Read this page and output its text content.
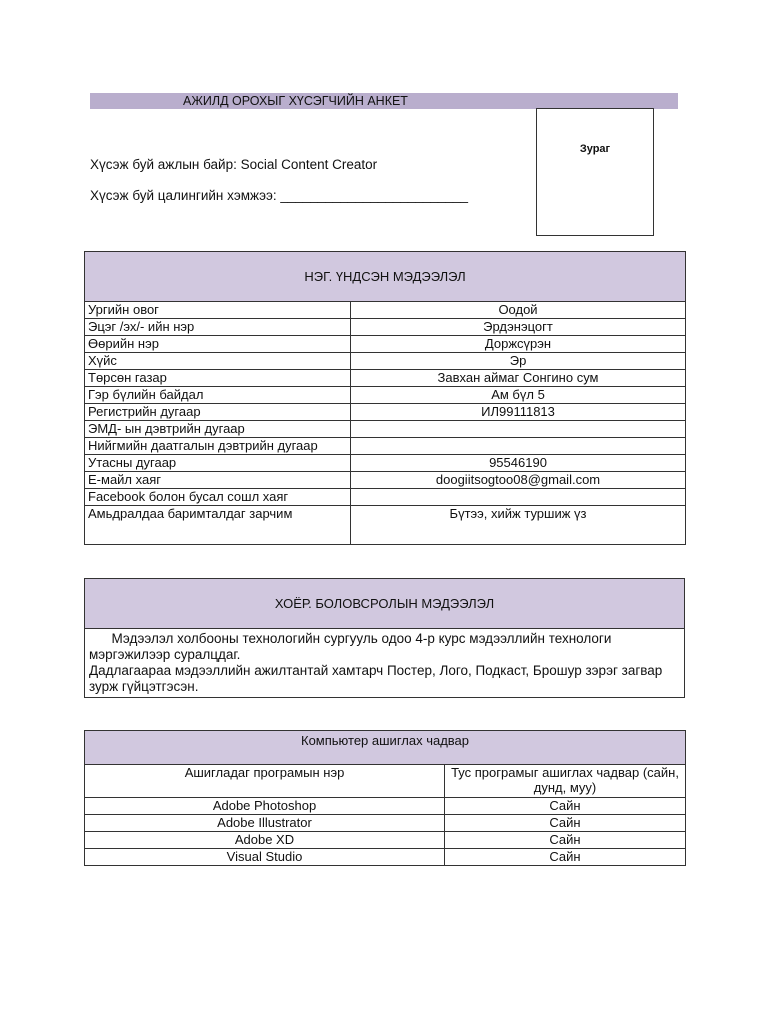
АЖИЛД ОРОХЫГ ХҮСЭГЧИЙН АНКЕТ
Зураг
Хүсэж буй ажлын байр: Social Content Creator
Хүсэж буй цалингийн хэмжээ: _________________________
НЭГ. ҮНДСЭН МЭДЭЭЛЭЛ	
Ургийн овог	Оодой
Эцэг /эх/- ийн нэр	Эрдэнэцогт
Өөрийн нэр	Доржсүрэн
Хүйс	Эр
Төрсөн газар	Завхан аймаг Сонгино сум
Гэр бүлийн байдал	Ам бүл 5
Регистрийн дугаар	ИЛ99111813
ЭМД- ын дэвтрийн дугаар	
Нийгмийн даатгалын дэвтрийн дугаар	
Утасны дугаар	95546190
Е-майл хаяг	doogiitsogtoo08@gmail.com
Facebook болон бусал сошл хаяг	
Амьдралдаа баримталдаг зарчим	Бүтээ, хийж туршиж үз
ХОЁР. БОЛОВСРОЛЫН МЭДЭЭЛЭЛ

Мэдээлэл холбооны технологийн сургууль одоо 4-р курс мэдээллийн технологи мэргэжилээр суралцдаг.
Дадлагаараа мэдээллийн ажилтантай хамтарч Постер, Лого, Подкаст, Брошур зэрэг загвар зурж гүйцэтгэсэн.
Компьютер ашиглах чадвар	
Ашигладаг програмын нэр	Тус програмыг ашиглах чадвар (сайн, дунд, муу)
Adobe Photoshop	Сайн
Adobe Illustrator	Сайн
Adobe XD	Сайн
Visual Studio	Сайн
